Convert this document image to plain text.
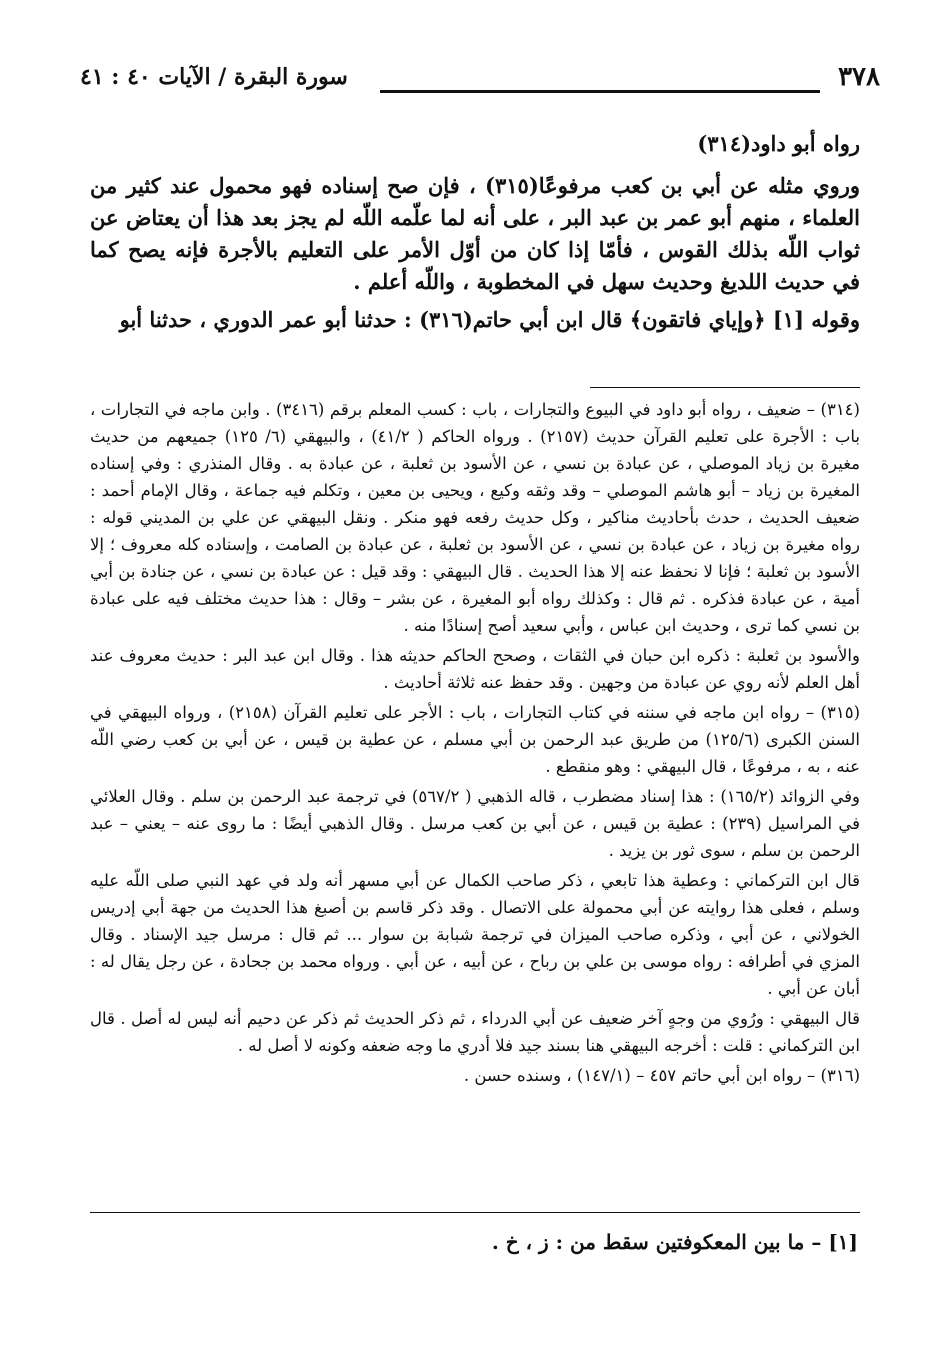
٣٧٨
سورة البقرة / الآيات ٤٠ : ٤١

رواه أبو داود(٣١٤)

وروي مثله عن أبي بن كعب مرفوعًا(٣١٥) ، فإن صح إسناده فهو محمول عند كثير من العلماء ، منهم أبو عمر بن عبد البر ، على أنه لما علّمه اللّه لم يجز بعد هذا أن يعتاض عن ثواب اللّه بذلك القوس ، فأمّا إذا كان من أوّل الأمر على التعليم بالأجرة فإنه يصح كما في حديث اللديغ وحديث سهل في المخطوبة ، واللّه أعلم .

وقوله [١] ﴿وإياي فاتقون﴾ قال ابن أبي حاتم(٣١٦) : حدثنا أبو عمر الدوري ، حدثنا أبو

(٣١٤) – ضعيف ، رواه أبو داود في البيوع والتجارات ، باب : كسب المعلم برقم (٣٤١٦) . وابن ماجه في التجارات ، باب : الأجرة على تعليم القرآن حديث (٢١٥٧) . ورواه الحاكم ( ٤١/٢) ، والبيهقي (٦/ ١٢٥) جميعهم من حديث مغيرة بن زياد الموصلي ، عن عبادة بن نسي ، عن الأسود بن ثعلبة ، عن عبادة به . وقال المنذري : وفي إسناده المغيرة بن زياد – أبو هاشم الموصلي – وقد وثقه وكيع ، ويحيى بن معين ، وتكلم فيه جماعة ، وقال الإمام أحمد : ضعيف الحديث ، حدث بأحاديث مناكير ، وكل حديث رفعه فهو منكر . ونقل البيهقي عن علي بن المديني قوله : رواه مغيرة بن زياد ، عن عبادة بن نسي ، عن الأسود بن ثعلبة ، عن عبادة بن الصامت ، وإسناده كله معروف ؛ إلا الأسود بن ثعلبة ؛ فإنا لا نحفظ عنه إلا هذا الحديث . قال البيهقي : وقد قيل : عن عبادة بن نسي ، عن جنادة بن أبي أمية ، عن عبادة فذكره . ثم قال : وكذلك رواه أبو المغيرة ، عن بشر – وقال : هذا حديث مختلف فيه على عبادة بن نسي كما ترى ، وحديث ابن عباس ، وأبي سعيد أصح إسنادًا منه .

والأسود بن ثعلبة : ذكره ابن حبان في الثقات ، وصحح الحاكم حديثه هذا . وقال ابن عبد البر : حديث معروف عند أهل العلم لأنه روي عن عبادة من وجهين . وقد حفظ عنه ثلاثة أحاديث .

(٣١٥) – رواه ابن ماجه في سننه في كتاب التجارات ، باب : الأجر على تعليم القرآن (٢١٥٨) ، ورواه البيهقي في السنن الكبرى (١٢٥/٦) من طريق عبد الرحمن بن أبي مسلم ، عن عطية بن قيس ، عن أبي بن كعب رضي اللّه عنه ، به ، مرفوعًا ، قال البيهقي : وهو منقطع .

وفي الزوائد (١٦٥/٢) : هذا إسناد مضطرب ، قاله الذهبي ( ٥٦٧/٢) في ترجمة عبد الرحمن بن سلم . وقال العلائي في المراسيل (٢٣٩) : عطية بن قيس ، عن أبي بن كعب مرسل . وقال الذهبي أيضًا : ما روى عنه – يعني – عبد الرحمن بن سلم ، سوى ثور بن يزيد .

قال ابن التركماني : وعطية هذا تابعي ، ذكر صاحب الكمال عن أبي مسهر أنه ولد في عهد النبي صلى اللّه عليه وسلم ، فعلى هذا روايته عن أبي محمولة على الاتصال . وقد ذكر قاسم بن أصبغ هذا الحديث من جهة أبي إدريس الخولاني ، عن أبي ، وذكره صاحب الميزان في ترجمة شبابة بن سوار ... ثم قال : مرسل جيد الإسناد . وقال المزي في أطرافه : رواه موسى بن علي بن رباح ، عن أبيه ، عن أبي . ورواه محمد بن جحادة ، عن رجل يقال له : أبان عن أبي .

قال البيهقي : ورُوي من وجهٍ آخر ضعيف عن أبي الدرداء ، ثم ذكر الحديث ثم ذكر عن دحيم أنه ليس له أصل . قال ابن التركماني : قلت : أخرجه البيهقي هنا بسند جيد فلا أدري ما وجه ضعفه وكونه لا أصل له .

(٣١٦) – رواه ابن أبي حاتم ٤٥٧ – (١٤٧/١) ، وسنده حسن .

[١] – ما بين المعكوفتين سقط من : ز ، خ .
